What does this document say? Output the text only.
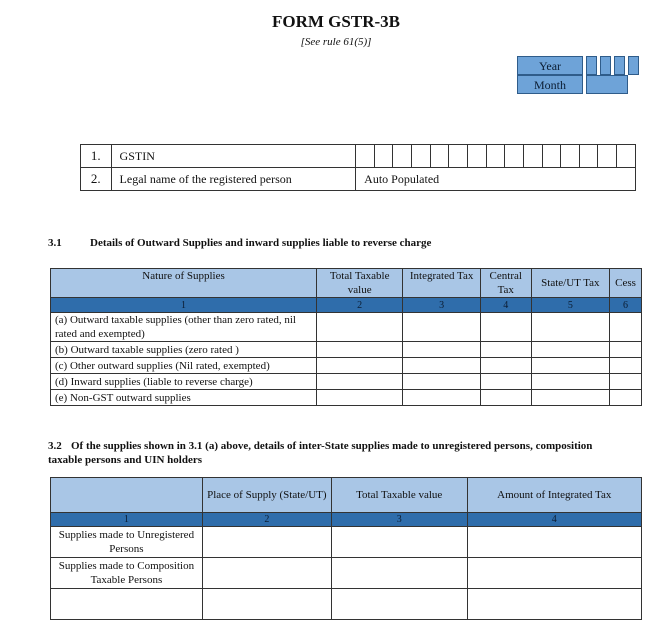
FORM GSTR-3B
[See rule 61(5)]
Year
Month
1.	GSTIN															
2.	Legal name of the registered person	Auto Populated														
3.1	Details of Outward Supplies and inward supplies liable to reverse charge
Nature of Supplies	Total Taxable value	Integrated Tax	Central Tax	State/UT Tax	Cess
1	2	3	4	5	6
(a) Outward taxable supplies (other than zero rated, nil rated and exempted)					
(b) Outward taxable supplies (zero rated )					
(c) Other outward supplies (Nil rated, exempted)					
(d) Inward supplies (liable to reverse charge)					
(e) Non-GST outward supplies					
3.2 Of the supplies shown in 3.1 (a) above, details of inter-State supplies made to unregistered persons, composition taxable persons and UIN holders
	Place of Supply (State/UT)	Total Taxable value	Amount of Integrated Tax
1	2	3	4
Supplies made to Unregistered Persons			
Supplies made to Composition Taxable Persons			
